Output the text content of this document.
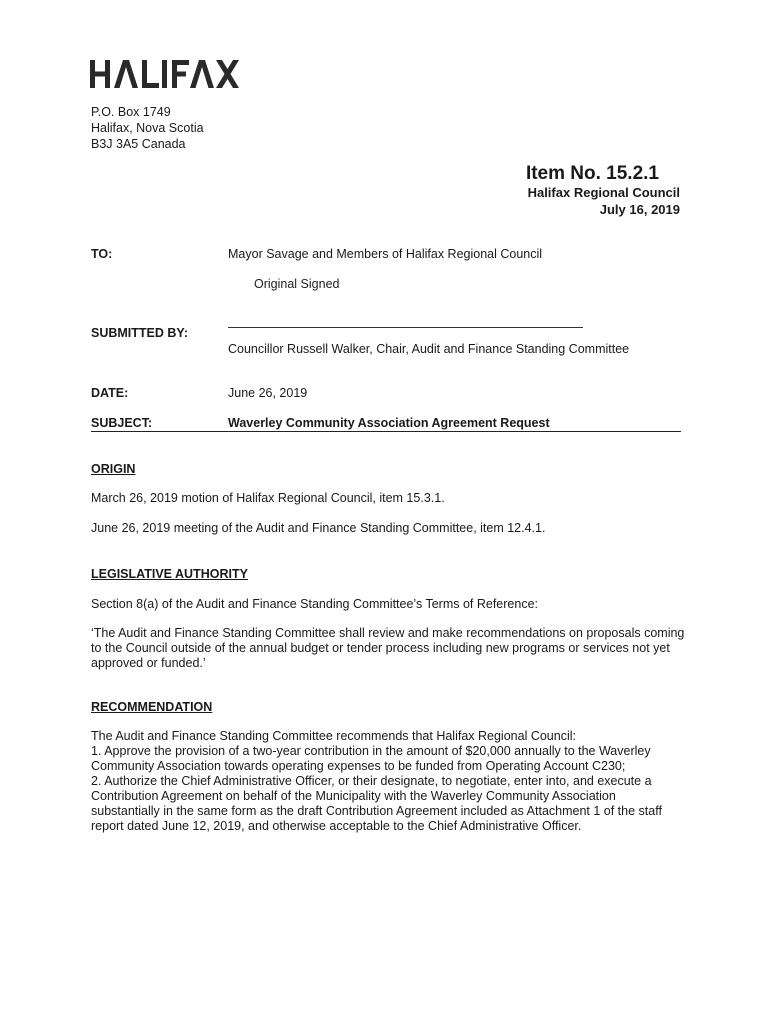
P.O. Box 1749
Halifax, Nova Scotia
B3J 3A5 Canada
Item No. 15.2.1
Halifax Regional Council
July 16, 2019
TO:	Mayor Savage and Members of Halifax Regional Council
Original Signed
SUBMITTED BY:
Councillor Russell Walker, Chair, Audit and Finance Standing Committee
DATE:	June 26, 2019
SUBJECT:	Waverley Community Association Agreement Request
ORIGIN
March 26, 2019 motion of Halifax Regional Council, item 15.3.1.
June 26, 2019 meeting of the Audit and Finance Standing Committee, item 12.4.1.
LEGISLATIVE AUTHORITY
Section 8(a) of the Audit and Finance Standing Committee’s Terms of Reference:
‘The Audit and Finance Standing Committee shall review and make recommendations on proposals coming
to the Council outside of the annual budget or tender process including new programs or services not yet
approved or funded.’
RECOMMENDATION
The Audit and Finance Standing Committee recommends that Halifax Regional Council:
1. Approve the provision of a two-year contribution in the amount of $20,000 annually to the Waverley
Community Association towards operating expenses to be funded from Operating Account C230;
2. Authorize the Chief Administrative Officer, or their designate, to negotiate, enter into, and execute a
Contribution Agreement on behalf of the Municipality with the Waverley Community Association
substantially in the same form as the draft Contribution Agreement included as Attachment 1 of the staff
report dated June 12, 2019, and otherwise acceptable to the Chief Administrative Officer.
